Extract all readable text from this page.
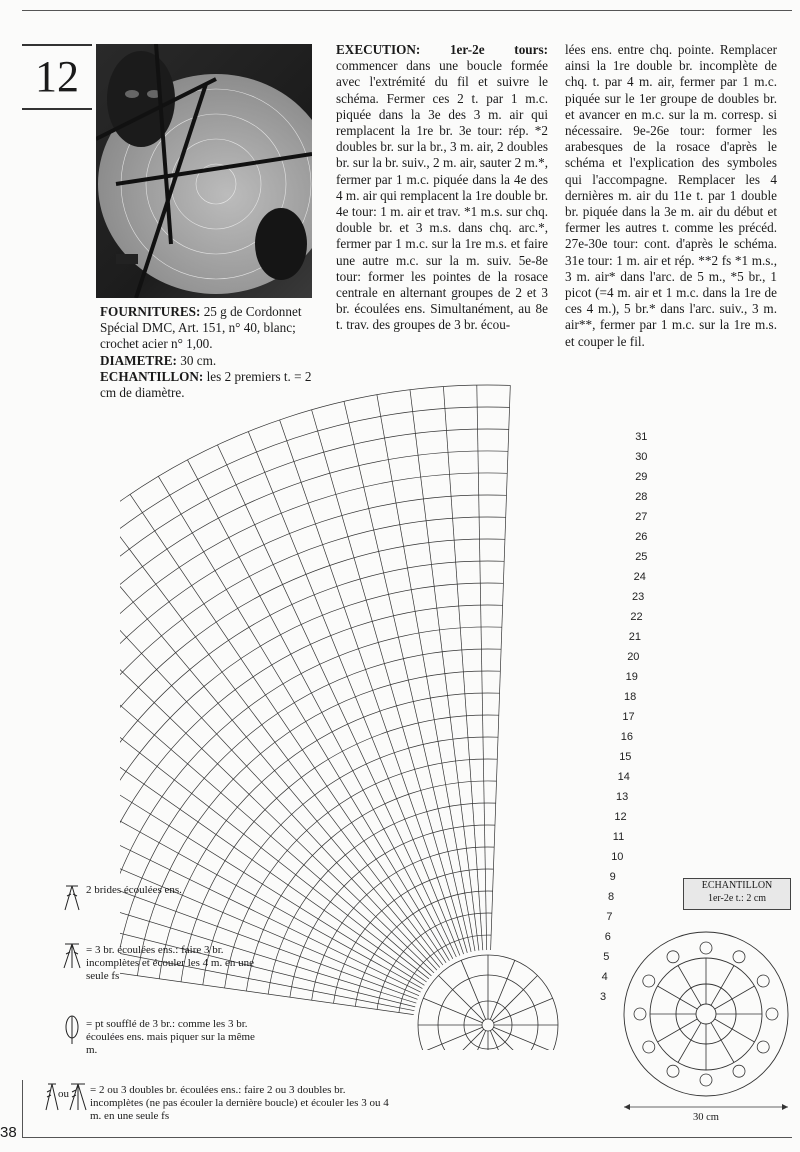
12
EXECUTION: 1er-2e tours: commencer dans une boucle formée avec l'extrémité du fil et suivre le schéma. Fermer ces 2 t. par 1 m.c. piquée dans la 3e des 3 m. air qui remplacent la 1re br. 3e tour: rép. *2 doubles br. sur la br., 3 m. air, 2 doubles br. sur la br. suiv., 2 m. air, sauter 2 m.*, fermer par 1 m.c. piquée dans la 4e des 4 m. air qui remplacent la 1re double br. 4e tour: 1 m. air et trav. *1 m.s. sur chq. double br. et 3 m.s. dans chq. arc.*, fermer par 1 m.c. sur la 1re m.s. et faire une autre m.c. sur la m. suiv. 5e-8e tour: former les pointes de la rosace centrale en alternant groupes de 2 et 3 br. écoulées ens. Simultanément, au 8e t. trav. des groupes de 3 br. écou-
lées ens. entre chq. pointe. Remplacer ainsi la 1re double br. incomplète de chq. t. par 4 m. air, fermer par 1 m.c. piquée sur le 1er groupe de doubles br. et avancer en m.c. sur la m. corresp. si nécessaire. 9e-26e tour: former les arabesques de la rosace d'après le schéma et l'explication des symboles qui l'accompagne. Remplacer les 4 dernières m. air du 11e t. par 1 double br. piquée dans la 3e m. air du début et fermer les autres t. comme les précéd. 27e-30e tour: cont. d'après le schéma. 31e tour: 1 m. air et rép. **2 fs *1 m.s., 3 m. air* dans l'arc. de 5 m., *5 br., 1 picot (=4 m. air et 1 m.c. dans la 1re de ces 4 m.), 5 br.* dans l'arc. suiv., 3 m. air**, fermer par 1 m.c. sur la 1re m.s. et couper le fil.
FOURNITURES: 25 g de Cordonnet Spécial DMC, Art. 151, n° 40, blanc; crochet acier n° 1,00.
DIAMETRE: 30 cm.
ECHANTILLON: les 2 premiers t. = 2 cm de diamètre.
3
4
5
6
7
8
9
10
11
12
13
14
15
16
17
18
19
20
21
22
23
24
25
26
27
28
29
30
31
2 brides écoulées ens.
= 3 br. écoulées ens.: faire 3 br. incomplètes et écouler les 4 m. en une seule fs
= pt soufflé de 3 br.: comme les 3 br. écoulées ens. mais piquer sur la même m.
ou = 2 ou 3 doubles br. écoulées ens.: faire 2 ou 3 doubles br. incomplètes (ne pas écouler la dernière boucle) et écouler les 3 ou 4 m. en une seule fs
ECHANTILLON
1er-2e t.: 2 cm
30 cm
38
